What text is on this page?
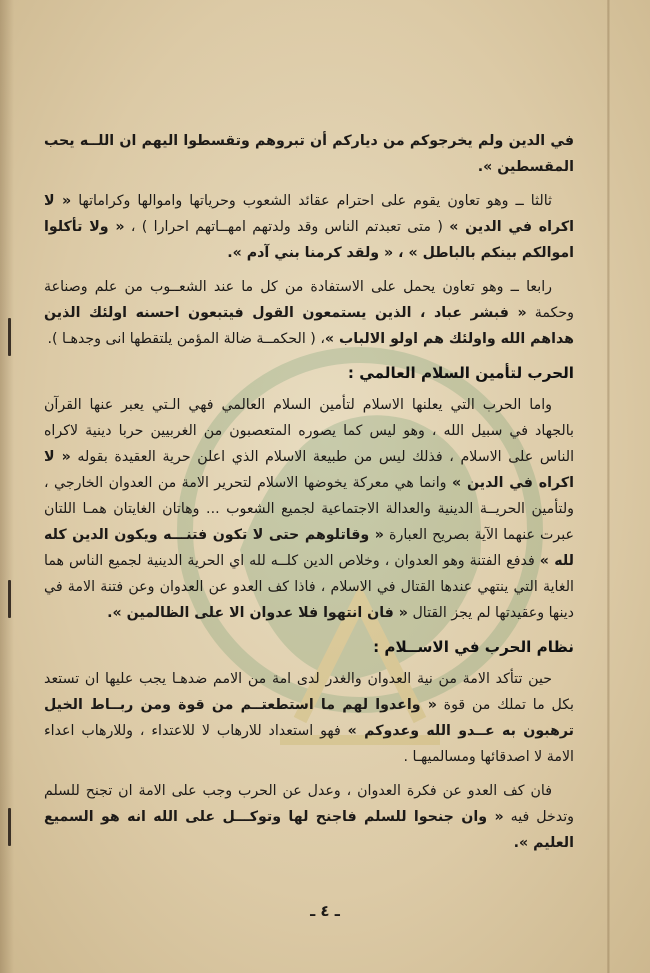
في الدين ولم يخرجوكم من دياركم أن تبروهم وتقسطوا اليهم ان اللــه يحب المقسطين ».

ثالثا ــ وهو تعاون يقوم على احترام عقائد الشعوب وحرياتها واموالها وكراماتها « لا اكراه في الدين » ( متى تعبدتم الناس وقد ولدتهم امهــاتهم احرارا ) ، « ولا تأكلوا اموالكم بينكم بالباطل » ، « ولقد كرمنا بني آدم ».

رابعا ــ وهو تعاون يحمل على الاستفادة من كل ما عند الشعــوب من علم وصناعة وحكمة « فبشر عباد ، الذين يستمعون القول فيتبعون احسنه اولئك الذين هداهم الله واولئك هم اولو الالباب »، ( الحكمــة ضالة المؤمن يلتقطها انى وجدهـا ).

الحرب لتأمين السلام العالمي :

واما الحرب التي يعلنها الاسلام لتأمين السلام العالمي فهي الـتي يعبر عنها القرآن بالجهاد في سبيل الله ، وهو ليس كما يصوره المتعصبون من الغربيين حربا دينية لاكراه الناس على الاسلام ، فذلك ليس من طبيعة الاسلام الذي اعلن حرية العقيدة بقوله « لا اكراه في الدين » وانما هي معركة يخوضها الاسلام لتحرير الامة من العدوان الخارجي ، ولتأمين الحريــة الدينية والعدالة الاجتماعية لجميع الشعوب ... وهاتان الغايتان همـا اللتان عبرت عنهما الآية بصريح العبارة « وقاتلوهم حتى لا تكون فتنـــه ويكون الدين كله لله » فدفع الفتنة وهو العدوان ، وخلاص الدين كلــه لله اي الحرية الدينية لجميع الناس هما الغاية التي ينتهي عندها القتال في الاسلام ، فاذا كف العدو عن العدوان وعن فتنة الامة في دينها وعقيدتها لم يجز القتال « فان انتهوا فلا عدوان الا على الظالمين ».

نظام الحرب في الاســلام :

حين تتأكد الامة من نية العدوان والغدر لدى امة من الامم ضدهـا يجب عليها ان تستعد بكل ما تملك من قوة « واعدوا لهم ما استطعتــم من قوة ومن ربــاط الخيل ترهبون به عــدو الله وعدوكم » فهو استعداد للارهاب لا للاعتداء ، وللارهاب اعداء الامة لا اصدقائها ومسالميهـا .

فان كف العدو عن فكرة العدوان ، وعدل عن الحرب وجب على الامة ان تجنح للسلم وتدخل فيه « وان جنحوا للسلم فاجنح لها وتوكـــل على الله انه هو السميع العليم ».

ـ ٤ ـ
